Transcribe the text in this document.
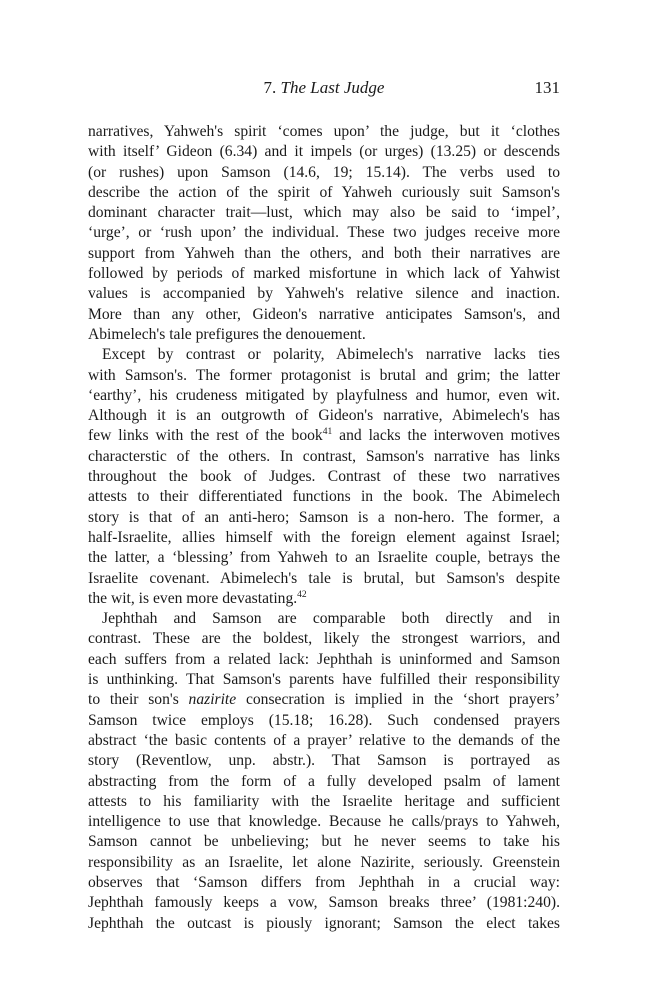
7. The Last Judge	131
narratives, Yahweh's spirit ‘comes upon’ the judge, but it ‘clothes
with itself’ Gideon (6.34) and it impels (or urges) (13.25) or descends
(or rushes) upon Samson (14.6, 19; 15.14). The verbs used to
describe the action of the spirit of Yahweh curiously suit Samson's
dominant character trait—lust, which may also be said to ‘impel’,
‘urge’, or ‘rush upon’ the individual. These two judges receive more
support from Yahweh than the others, and both their narratives are
followed by periods of marked misfortune in which lack of Yahwist
values is accompanied by Yahweh's relative silence and inaction.
More than any other, Gideon's narrative anticipates Samson's, and
Abimelech's tale prefigures the denouement.
Except by contrast or polarity, Abimelech's narrative lacks ties
with Samson's. The former protagonist is brutal and grim; the latter
‘earthy’, his crudeness mitigated by playfulness and humor, even wit.
Although it is an outgrowth of Gideon's narrative, Abimelech's has
few links with the rest of the book$^{41}$ and lacks the interwoven motives
characterstic of the others. In contrast, Samson's narrative has links
throughout the book of Judges. Contrast of these two narratives
attests to their differentiated functions in the book. The Abimelech
story is that of an anti-hero; Samson is a non-hero. The former, a
half-Israelite, allies himself with the foreign element against Israel;
the latter, a ‘blessing’ from Yahweh to an Israelite couple, betrays the
Israelite covenant. Abimelech's tale is brutal, but Samson's despite
the wit, is even more devastating.$^{42}$
Jephthah and Samson are comparable both directly and in
contrast. These are the boldest, likely the strongest warriors, and
each suffers from a related lack: Jephthah is uninformed and Samson
is unthinking. That Samson's parents have fulfilled their responsibility
to their son's nazirite consecration is implied in the ‘short prayers’
Samson twice employs (15.18; 16.28). Such condensed prayers
abstract ‘the basic contents of a prayer’ relative to the demands of the
story (Reventlow, unp. abstr.). That Samson is portrayed as
abstracting from the form of a fully developed psalm of lament
attests to his familiarity with the Israelite heritage and sufficient
intelligence to use that knowledge. Because he calls/prays to Yahweh,
Samson cannot be unbelieving; but he never seems to take his
responsibility as an Israelite, let alone Nazirite, seriously. Greenstein
observes that ‘Samson differs from Jephthah in a crucial way:
Jephthah famously keeps a vow, Samson breaks three’ (1981:240).
Jephthah the outcast is piously ignorant; Samson the elect takes
